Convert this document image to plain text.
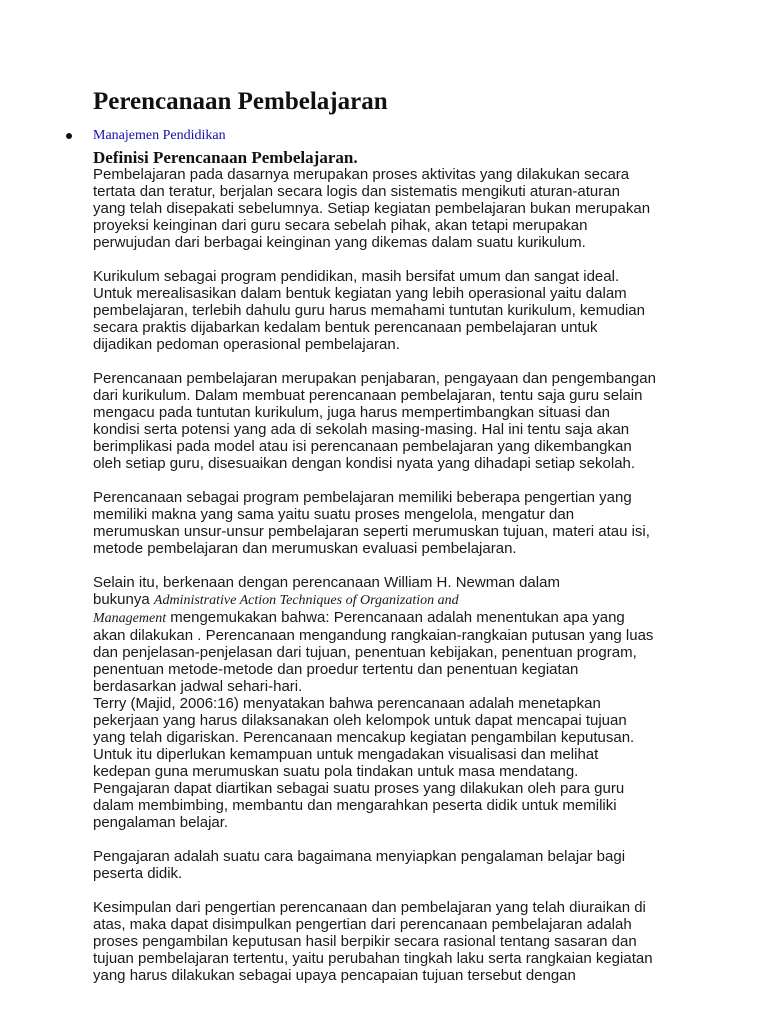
Perencanaan Pembelajaran
Manajemen Pendidikan
Definisi Perencanaan Pembelajaran.

Pembelajaran pada dasarnya merupakan proses aktivitas yang dilakukan secara
tertata dan teratur, berjalan secara logis dan sistematis mengikuti aturan-aturan
yang telah disepakati sebelumnya. Setiap kegiatan pembelajaran bukan merupakan
proyeksi keinginan dari guru secara sebelah pihak, akan tetapi merupakan
perwujudan dari berbagai keinginan yang dikemas dalam suatu kurikulum.

Kurikulum sebagai program pendidikan, masih bersifat umum dan sangat ideal.
Untuk merealisasikan dalam bentuk kegiatan yang lebih operasional yaitu dalam
pembelajaran, terlebih dahulu guru harus memahami tuntutan kurikulum, kemudian
secara praktis dijabarkan kedalam bentuk perencanaan pembelajaran untuk
dijadikan pedoman operasional pembelajaran.

Perencanaan pembelajaran merupakan penjabaran, pengayaan dan pengembangan
dari kurikulum. Dalam membuat perencanaan pembelajaran, tentu saja guru selain
mengacu pada tuntutan kurikulum, juga harus mempertimbangkan situasi dan
kondisi serta potensi yang ada di sekolah masing-masing. Hal ini tentu saja akan
berimplikasi pada model atau isi perencanaan pembelajaran yang dikembangkan
oleh setiap guru, disesuaikan dengan kondisi nyata yang dihadapi setiap sekolah.

Perencanaan sebagai program pembelajaran memiliki beberapa pengertian yang
memiliki makna yang sama yaitu suatu proses mengelola, mengatur dan
merumuskan unsur-unsur pembelajaran seperti merumuskan tujuan, materi atau isi,
metode pembelajaran dan merumuskan evaluasi pembelajaran.

Selain itu, berkenaan dengan perencanaan William H. Newman dalam
bukunya Administrative Action Techniques of Organization and
Management mengemukakan bahwa: Perencanaan adalah menentukan apa yang
akan dilakukan . Perencanaan mengandung rangkaian-rangkaian putusan yang luas
dan penjelasan-penjelasan dari tujuan, penentuan kebijakan, penentuan program,
penentuan metode-metode dan proedur tertentu dan penentuan kegiatan
berdasarkan jadwal sehari-hari.
Terry (Majid, 2006:16) menyatakan bahwa perencanaan adalah menetapkan
pekerjaan yang harus dilaksanakan oleh kelompok untuk dapat mencapai tujuan
yang telah digariskan. Perencanaan mencakup kegiatan pengambilan keputusan.
Untuk itu diperlukan kemampuan untuk mengadakan visualisasi dan melihat
kedepan guna merumuskan suatu pola tindakan untuk masa mendatang.
Pengajaran dapat diartikan sebagai suatu proses yang dilakukan oleh para guru
dalam membimbing, membantu dan mengarahkan peserta didik untuk memiliki
pengalaman belajar.

Pengajaran adalah suatu cara bagaimana menyiapkan pengalaman belajar bagi
peserta didik.

Kesimpulan dari pengertian perencanaan dan pembelajaran yang telah diuraikan di
atas, maka dapat disimpulkan pengertian dari perencanaan pembelajaran adalah
proses pengambilan keputusan hasil berpikir secara rasional tentang sasaran dan
tujuan pembelajaran tertentu, yaitu perubahan tingkah laku serta rangkaian kegiatan
yang harus dilakukan sebagai upaya pencapaian tujuan tersebut dengan
